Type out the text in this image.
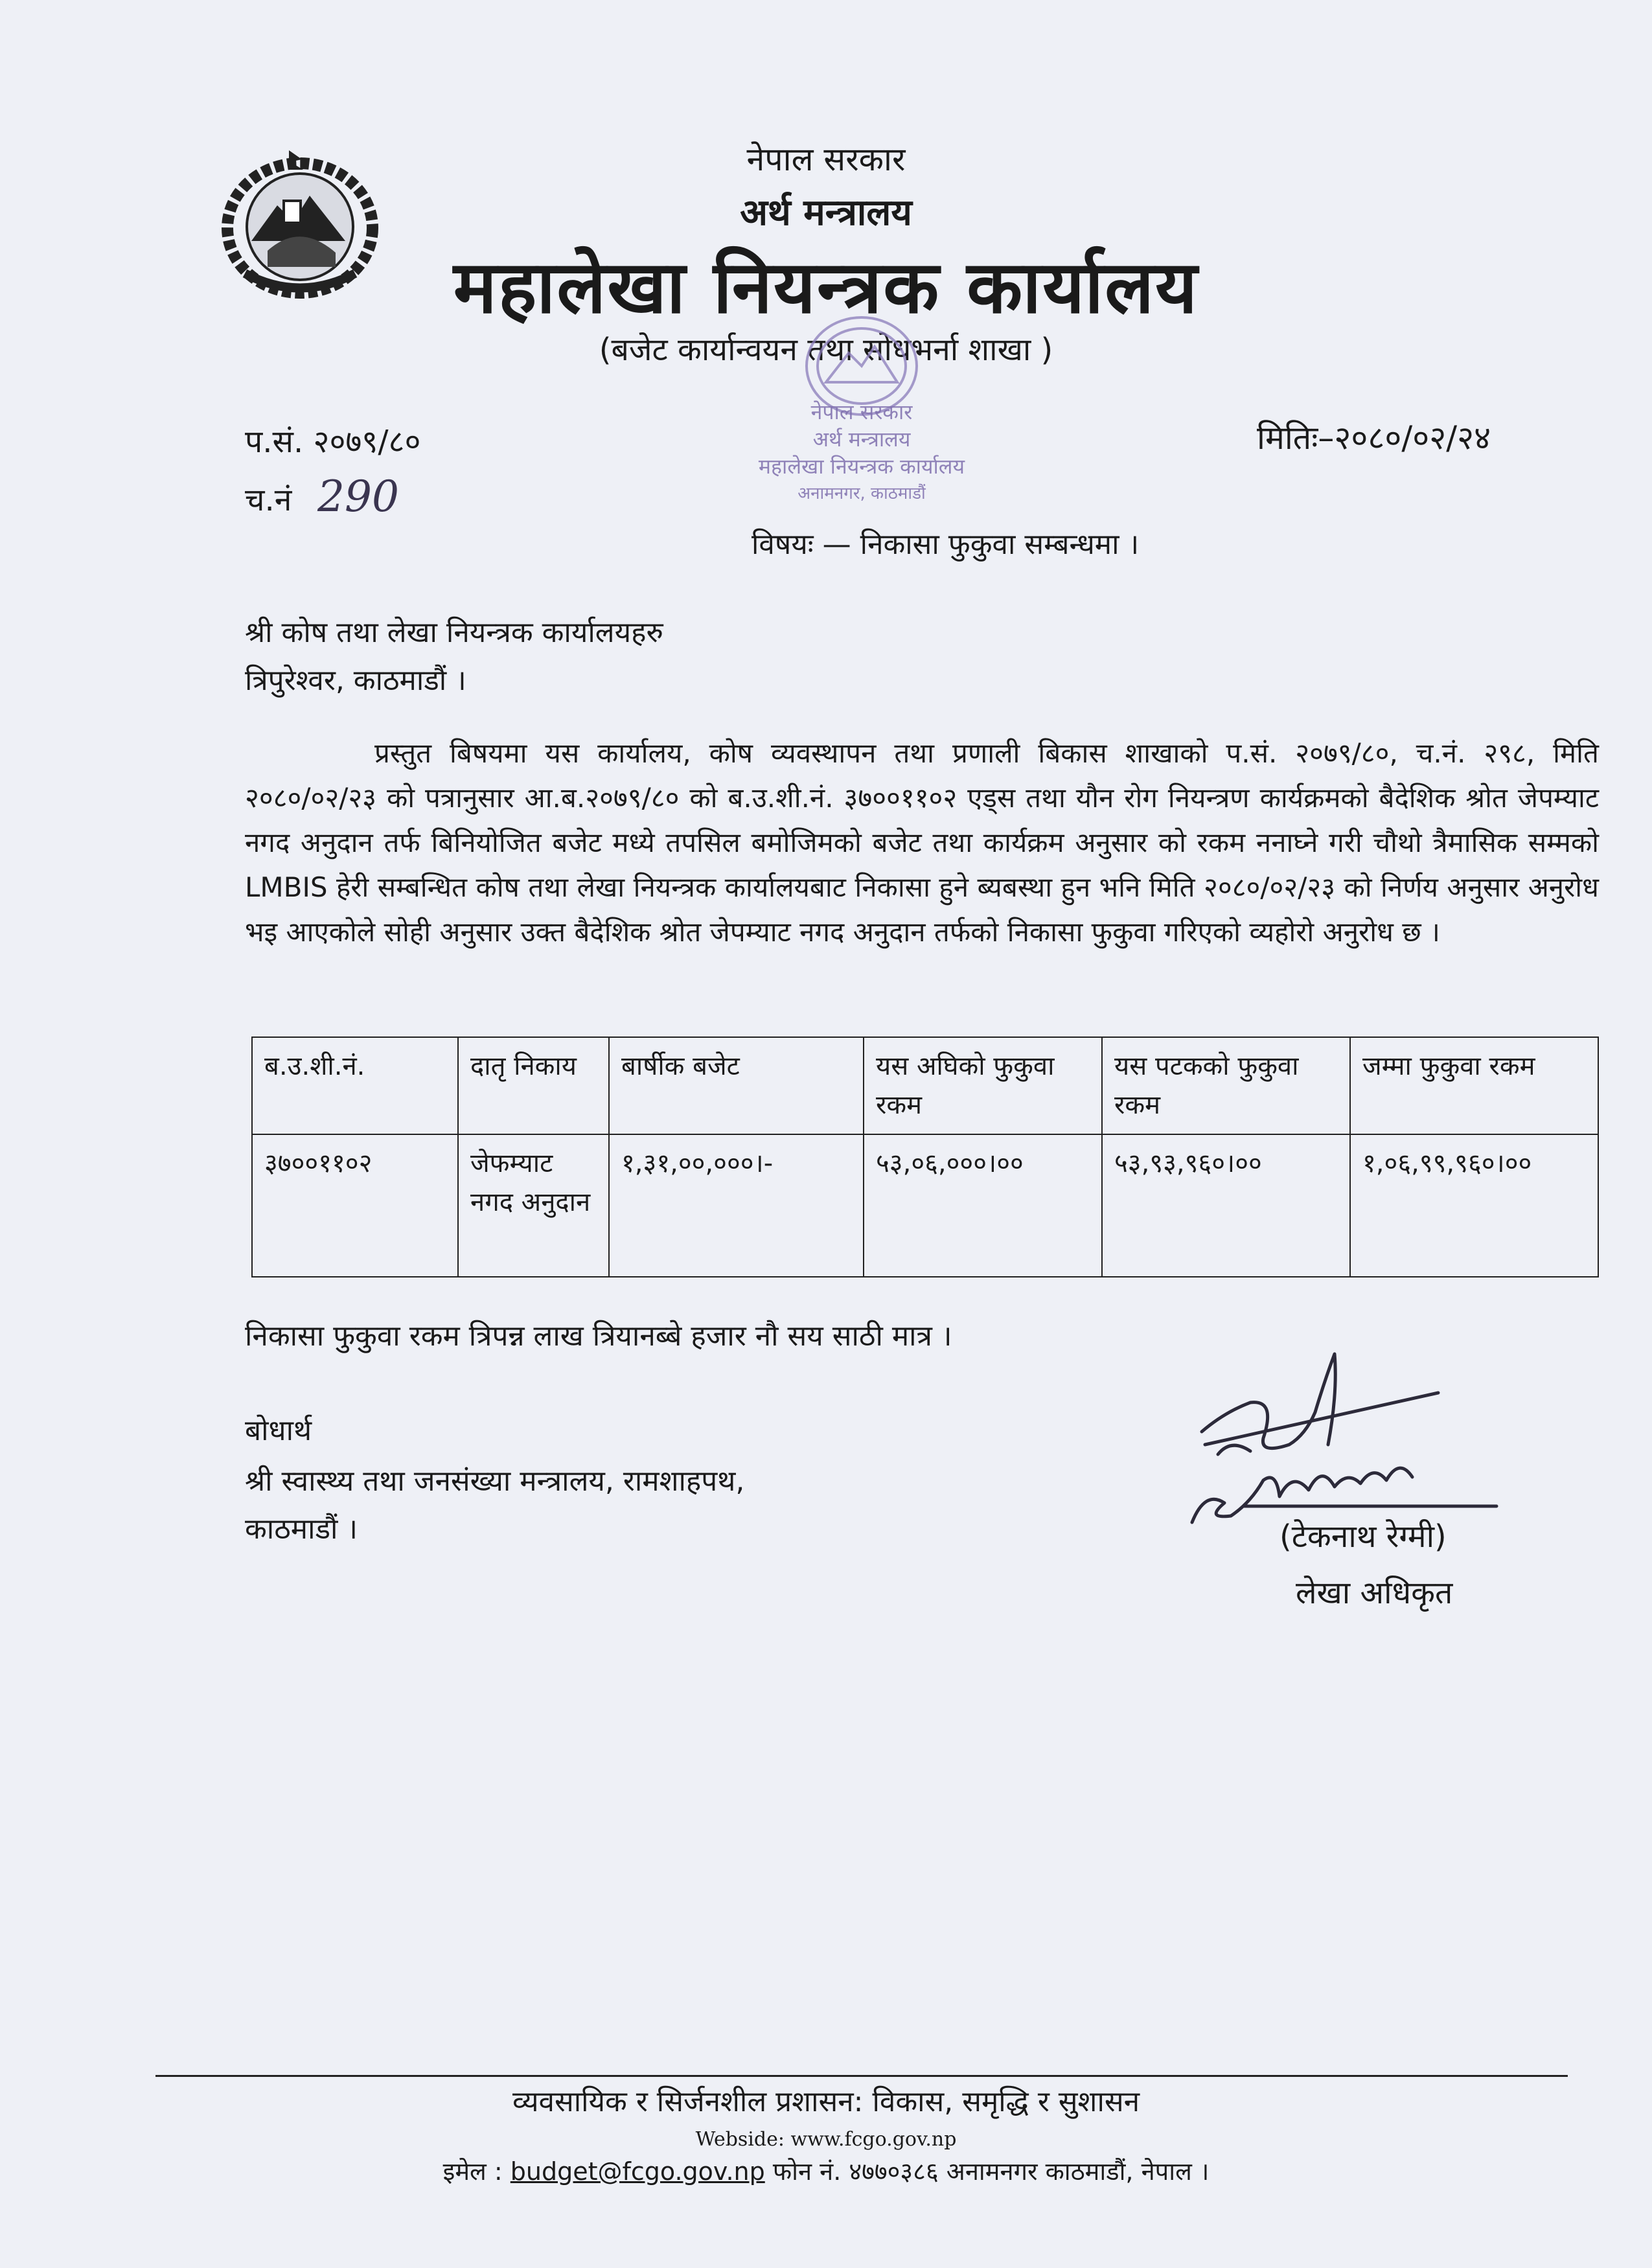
नेपाल सरकार
अर्थ मन्त्रालय
महालेखा नियन्त्रक कार्यालय
(बजेट कार्यान्वयन तथा सोधभर्ना शाखा )
नेपाल सरकार
अर्थ मन्त्रालय
महालेखा नियन्त्रक कार्यालय
अनामनगर, काठमाडौं
प.सं. २०७९/८०
च.नं 290
मितिः–२०८०/०२/२४
विषयः — निकासा फुकुवा सम्बन्धमा ।
श्री कोष तथा लेखा नियन्त्रक कार्यालयहरु
त्रिपुरेश्वर, काठमाडौं ।
प्रस्तुत बिषयमा यस कार्यालय, कोष व्यवस्थापन तथा प्रणाली बिकास शाखाको प.सं. २०७९/८०, च.नं. २९८, मिति २०८०/०२/२३ को पत्रानुसार आ.ब.२०७९/८० को ब.उ.शी.नं. ३७००११०२ एड्स तथा यौन रोग नियन्त्रण कार्यक्रमको बैदेशिक श्रोत जेपम्याट नगद अनुदान तर्फ बिनियोजित बजेट मध्ये तपसिल बमोजिमको बजेट तथा कार्यक्रम अनुसार को रकम ननाघ्ने गरी चौथो त्रैमासिक सम्मको LMBIS हेरी सम्बन्धित कोष तथा लेखा नियन्त्रक कार्यालयबाट निकासा हुने ब्यबस्था हुन भनि मिति २०८०/०२/२३ को निर्णय अनुसार अनुरोध भइ आएकोले सोही अनुसार उक्त बैदेशिक श्रोत जेपम्याट नगद अनुदान तर्फको निकासा फुकुवा गरिएको व्यहोरो अनुरोध छ ।
ब.उ.शी.नं.	दातृ निकाय	बार्षीक बजेट	यस अघिको फुकुवा रकम	यस पटकको फुकुवा रकम	जम्मा फुकुवा रकम
३७००११०२	जेफम्याट नगद अनुदान	१,३१,००,०००।-	५३,०६,०००।००	५३,९३,९६०।००	१,०६,९९,९६०।००
निकासा फुकुवा रकम त्रिपन्न लाख त्रियानब्बे हजार नौ सय साठी मात्र ।
बोधार्थ
श्री स्वास्थ्य तथा जनसंख्या मन्त्रालय, रामशाहपथ,
काठमाडौं ।	(टेकनाथ रेग्मी)
लेखा अधिकृत
व्यवसायिक र सिर्जनशील प्रशासन: विकास, समृद्धि र सुशासन
Webside: www.fcgo.gov.np
इमेल : budget@fcgo.gov.np फोन नं. ४७७०३८६ अनामनगर काठमाडौं, नेपाल ।
